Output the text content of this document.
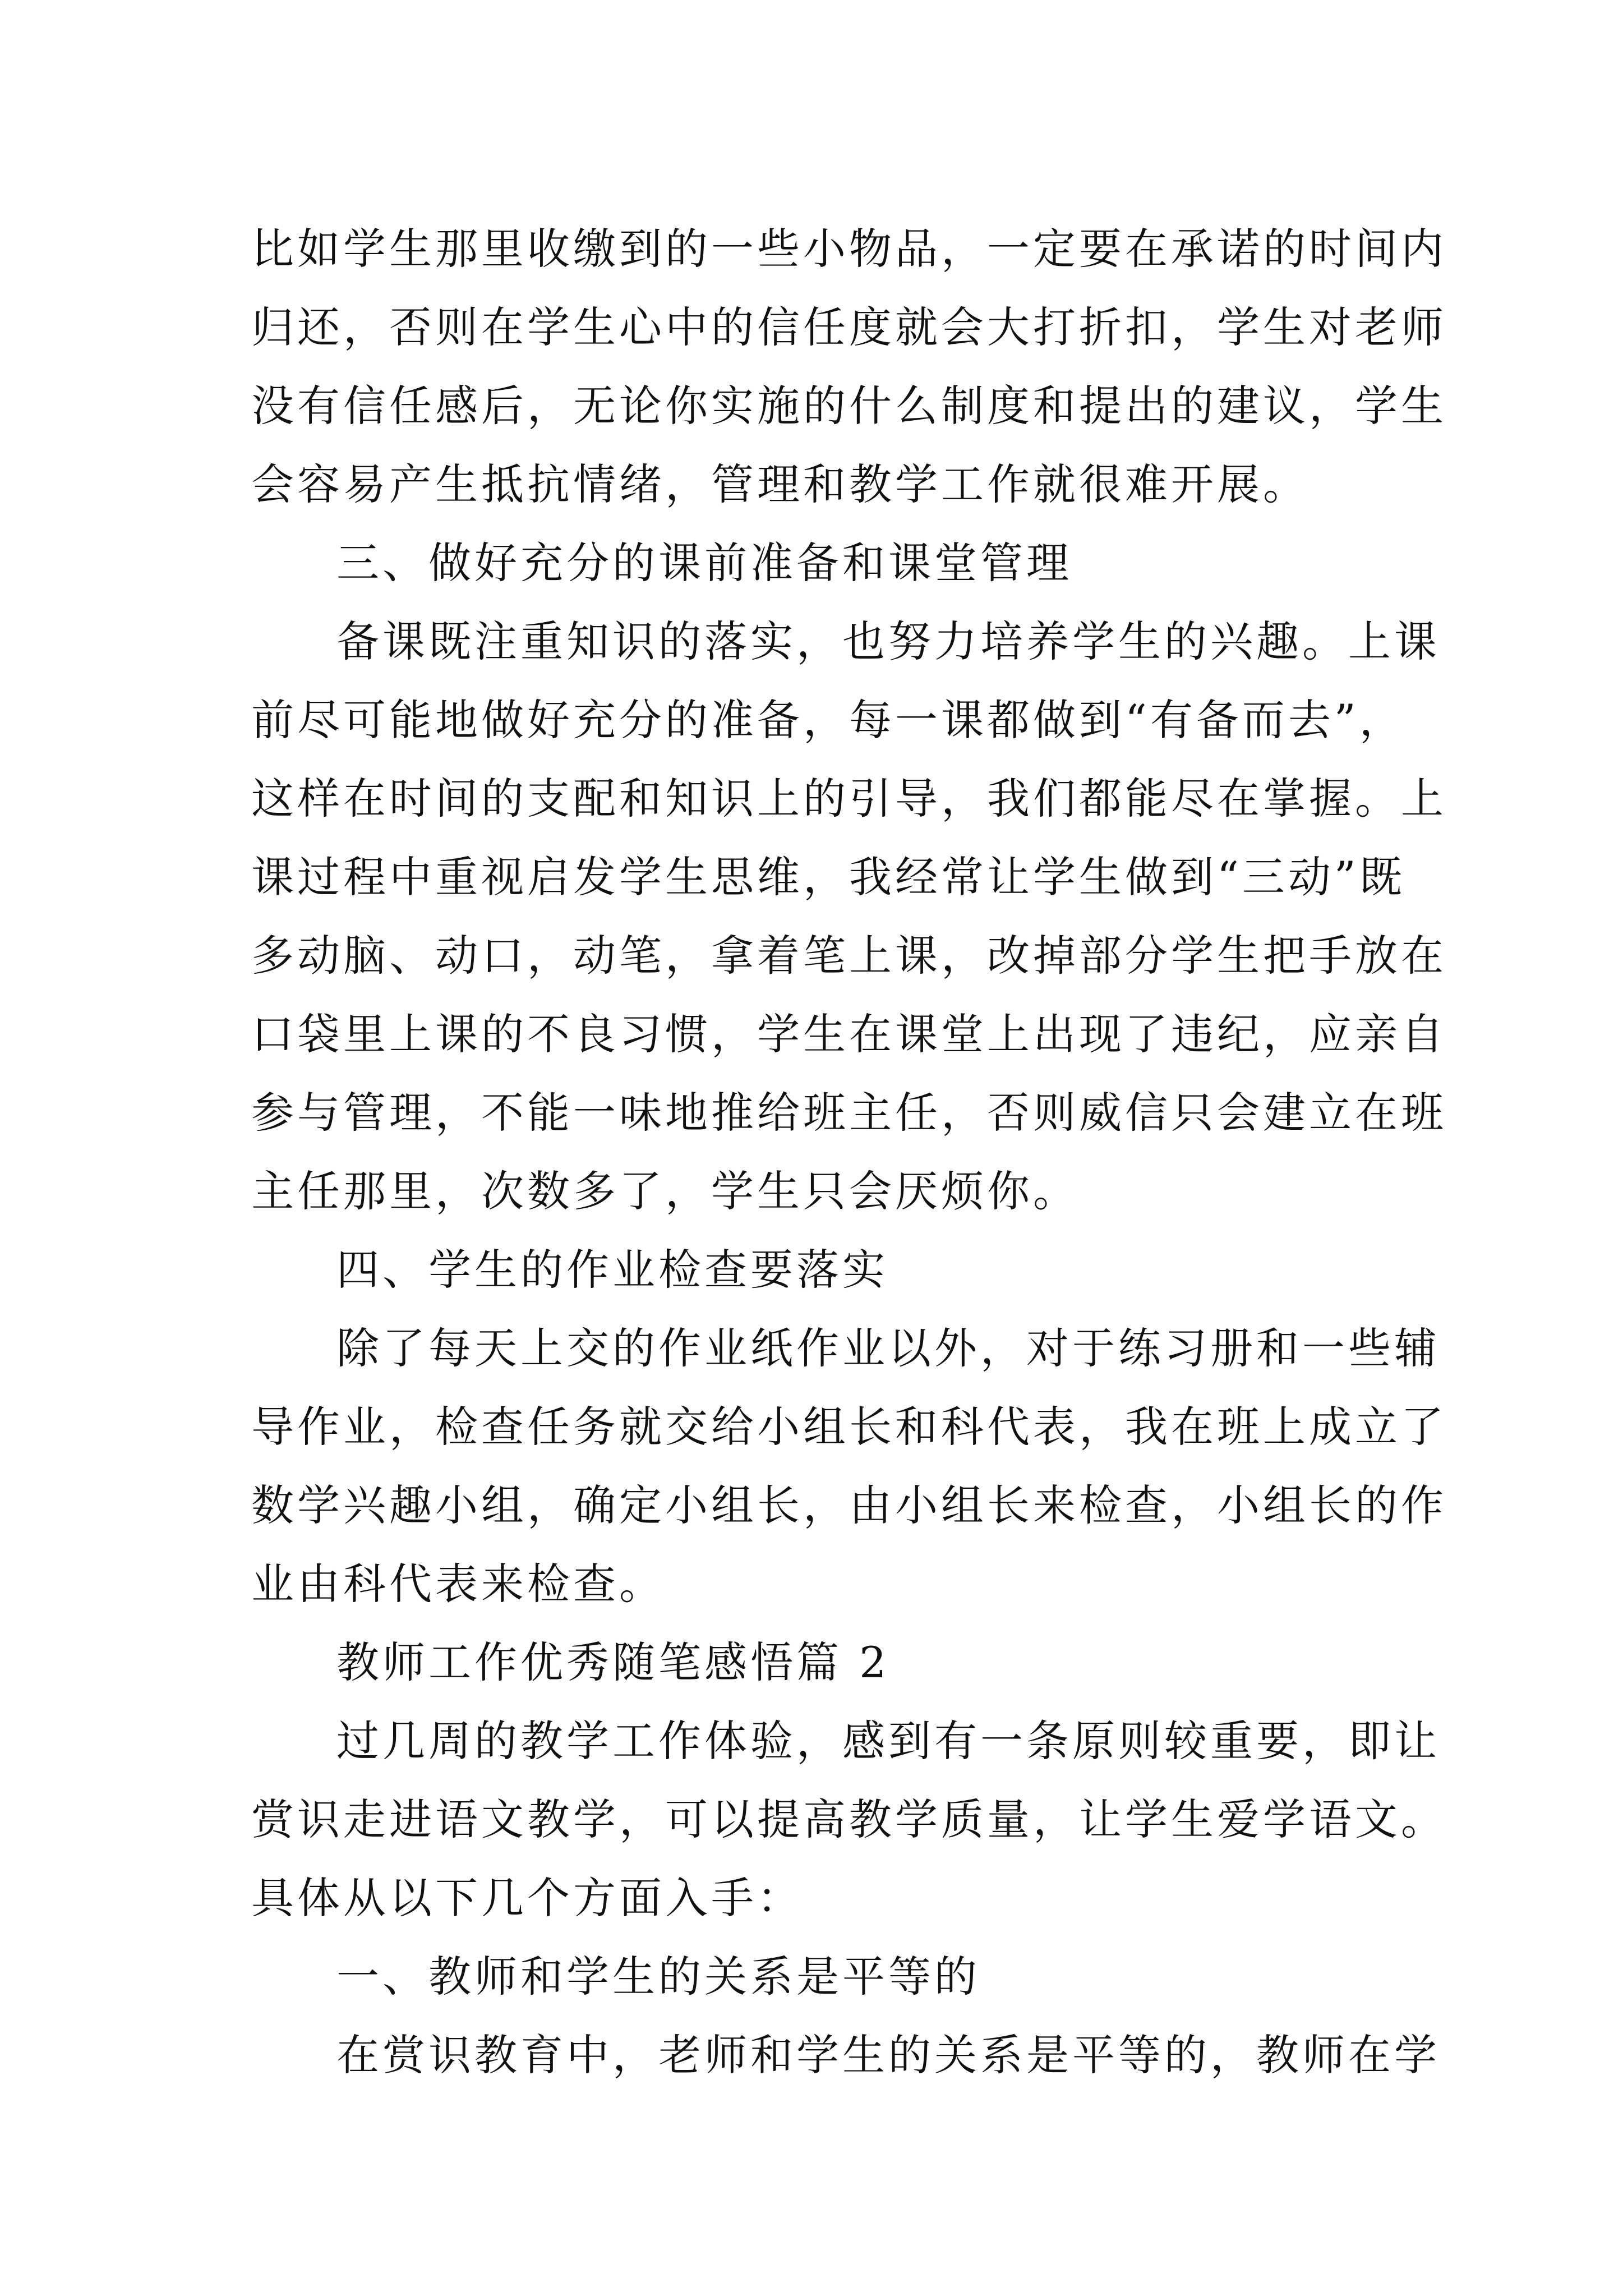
比如学生那里收缴到的一些小物品，一定要在承诺的时间内
归还，否则在学生心中的信任度就会大打折扣，学生对老师
没有信任感后，无论你实施的什么制度和提出的建议，学生
会容易产生抵抗情绪，管理和教学工作就很难开展。
三、做好充分的课前准备和课堂管理
备课既注重知识的落实，也努力培养学生的兴趣。上课
前尽可能地做好充分的准备，每一课都做到“有备而去”，
这样在时间的支配和知识上的引导，我们都能尽在掌握。上
课过程中重视启发学生思维，我经常让学生做到“三动”既
多动脑、动口，动笔，拿着笔上课，改掉部分学生把手放在
口袋里上课的不良习惯，学生在课堂上出现了违纪，应亲自
参与管理，不能一味地推给班主任，否则威信只会建立在班
主任那里，次数多了，学生只会厌烦你。
四、学生的作业检查要落实
除了每天上交的作业纸作业以外，对于练习册和一些辅
导作业，检查任务就交给小组长和科代表，我在班上成立了
数学兴趣小组，确定小组长，由小组长来检查，小组长的作
业由科代表来检查。
教师工作优秀随笔感悟篇 2
过几周的教学工作体验，感到有一条原则较重要，即让
赏识走进语文教学，可以提高教学质量，让学生爱学语文。
具体从以下几个方面入手：
一、教师和学生的关系是平等的
在赏识教育中，老师和学生的关系是平等的，教师在学
